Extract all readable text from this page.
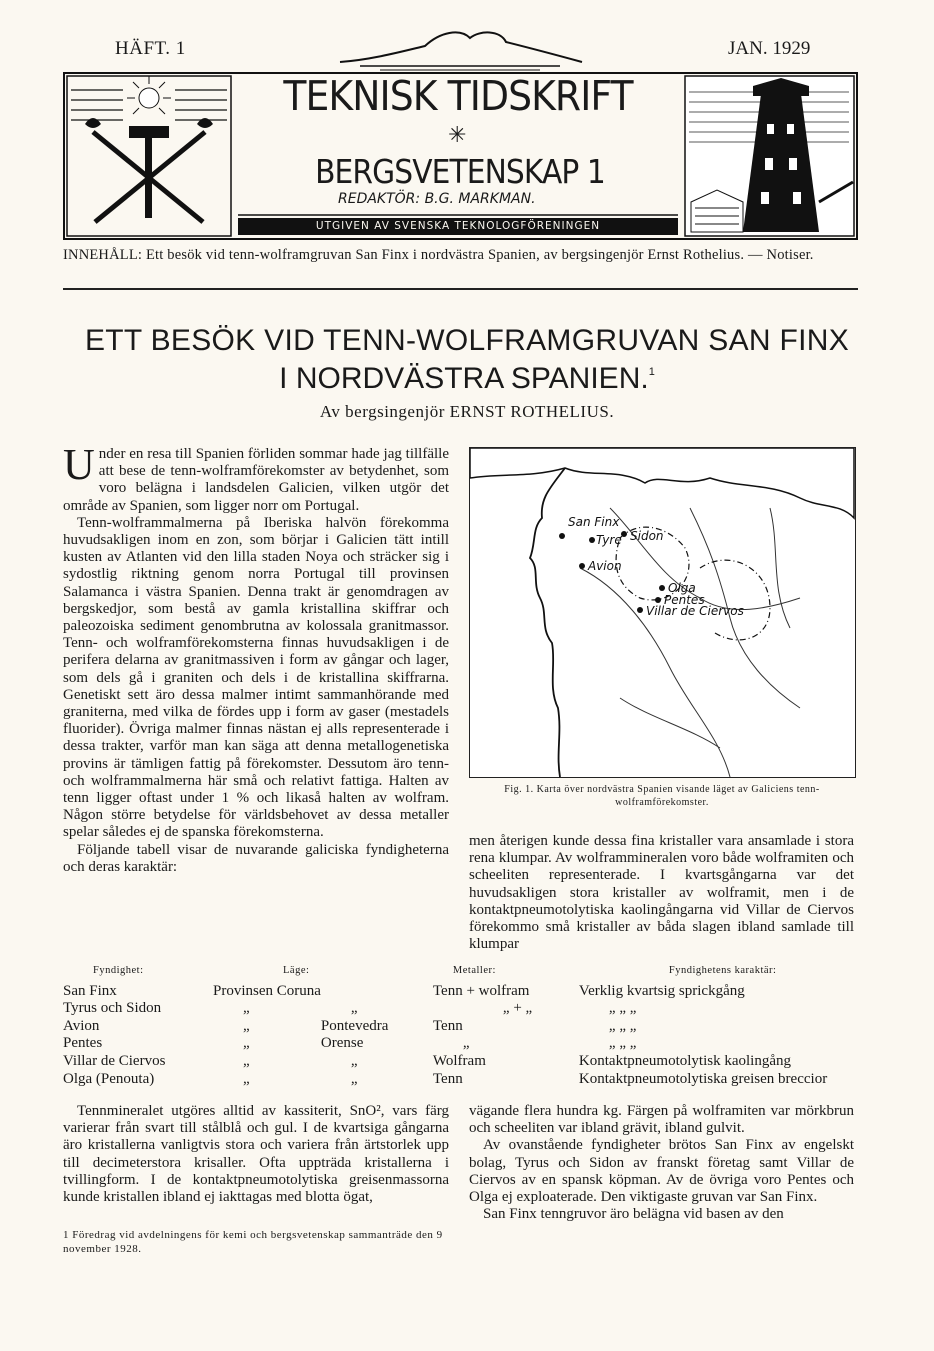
HÄFT. 1	JAN. 1929
TEKNISK TIDSKRIFT
✳
BERGSVETENSKAP 1
REDAKTÖR: B.G. MARKMAN.
UTGIVEN AV SVENSKA TEKNOLOGFÖRENINGEN
INNEHÅLL: Ett besök vid tenn-wolframgruvan San Finx i nordvästra Spanien, av bergsingenjör Ernst Rothelius. — Notiser.
ETT BESÖK VID TENN-WOLFRAMGRUVAN SAN FINX
I NORDVÄSTRA SPANIEN.$^1$
Av bergsingenjör ERNST ROTHELIUS.

Under en resa till Spanien förliden sommar hade jag tillfälle att bese de tenn-wolframförekomster av betydenhet, som voro belägna i landsdelen Galicien, vilken utgör det område av Spanien, som ligger norr om Portugal.

Tenn-wolframmalmerna på Iberiska halvön förekomma huvudsakligen inom en zon, som börjar i Galicien tätt intill kusten av Atlanten vid den lilla staden Noya och sträcker sig i sydostlig riktning genom norra Portugal till provinsen Salamanca i västra Spanien. Denna trakt är genomdragen av bergskedjor, som bestå av gamla kristallina skiffrar och paleozoiska sediment genombrutna av kolossala granitmassor. Tenn- och wolframförekomsterna finnas huvudsakligen i de perifera delarna av granitmassiven i form av gångar och lager, som dels gå i graniten och dels i de kristallina skiffrarna. Genetiskt sett äro dessa malmer intimt sammanhörande med graniterna, med vilka de fördes upp i form av gaser (mestadels fluorider). Övriga malmer finnas nästan ej alls representerade i dessa trakter, varför man kan säga att denna metallogenetiska provins är tämligen fattig på förekomster. Dessutom äro tenn- och wolframmalmerna här små och relativt fattiga. Halten av tenn ligger oftast under 1 % och likaså halten av wolfram. Någon större betydelse för världsbehovet av dessa metaller spelar således ej de spanska förekomsterna.

Följande tabell visar de nuvarande galiciska fyndigheterna och deras karaktär:

San Finx
Tyre Sidon
Avion
Olga
Pentes
Villar de Ciervos
Fig. 1. Karta över nordvästra Spanien visande läget av Galiciens tenn-wolframförekomster.
men återigen kunde dessa fina kristaller vara ansamlade i stora rena klumpar. Av wolframmineralen voro både wolframiten och scheeliten representerade. I kvartsgångarna var det huvudsakligen stora kristaller av wolframit, men i de kontaktpneumotolytiska kaolingångarna vid Villar de Ciervos förekommo små kristaller av båda slagen ibland samlade till klumpar
Fyndighet:	Läge:		Metaller:	Fyndighetens karaktär:
San Finx	Provinsen Coruna		Tenn + wolfram	Verklig kvartsig sprickgång
Tyrus och Sidon	„	„	„ + „	„ „ „
Avion	„	Pontevedra	Tenn	„ „ „
Pentes	„	Orense	„	„ „ „
Villar de Ciervos	„	„	Wolfram	Kontaktpneumotolytisk kaolingång
Olga (Penouta)	„	„	Tenn	Kontaktpneumotolytiska greisen breccior

Tennmineralet utgöres alltid av kassiterit, SnO², vars färg varierar från svart till stålblå och gul. I de kvartsiga gångarna äro kristallerna vanligtvis stora och variera från ärtstorlek upp till decimeterstora krisaller. Ofta uppträda kristallerna i tvillingform. I de kontaktpneumotolytiska greisenmassorna kunde kristallen ibland ej iakttagas med blotta ögat,

vägande flera hundra kg. Färgen på wolframiten var mörkbrun och scheeliten var ibland grävit, ibland gulvit.

Av ovanstående fyndigheter brötos San Finx av engelskt bolag, Tyrus och Sidon av franskt företag samt Villar de Ciervos av en spansk köpman. Av de övriga voro Pentes och Olga ej exploaterade. Den viktigaste gruvan var San Finx.

San Finx tenngruvor äro belägna vid basen av den

1 Föredrag vid avdelningens för kemi och bergsvetenskap sammanträde den 9 november 1928.
